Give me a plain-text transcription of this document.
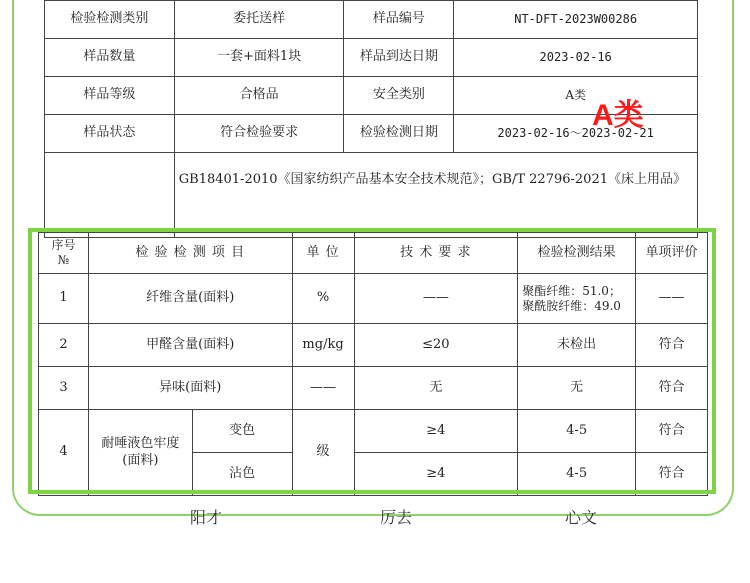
检验检测类别	委托送样	样品编号	NT-DFT-2023W00286
样品数量	一套+面料1块	样品到达日期	2023-02-16
样品等级	合格品	安全类别	A类
样品状态	符合检验要求	检验检测日期	2023-02-16～2023-02-21
	GB18401-2010《国家纺织产品基本安全技术规范》；GB/T 22796-2021《床上用品》		
A类
序号
№	检 验 检 测 项 目		单 位	技 术 要 求	检验检测结果	单项评价
1	纤维含量(面料)		%	——	聚酯纤维：51.0；
聚酰胺纤维：49.0	——
2	甲醛含量(面料)		mg/kg	≤20	未检出	符合
3	异味(面料)		——	无	无	符合
4	耐唾液色牢度(面料)	变色	级	≥4	4-5	符合
		沾色		≥4	4-5	符合
阳才	厉去	心文
